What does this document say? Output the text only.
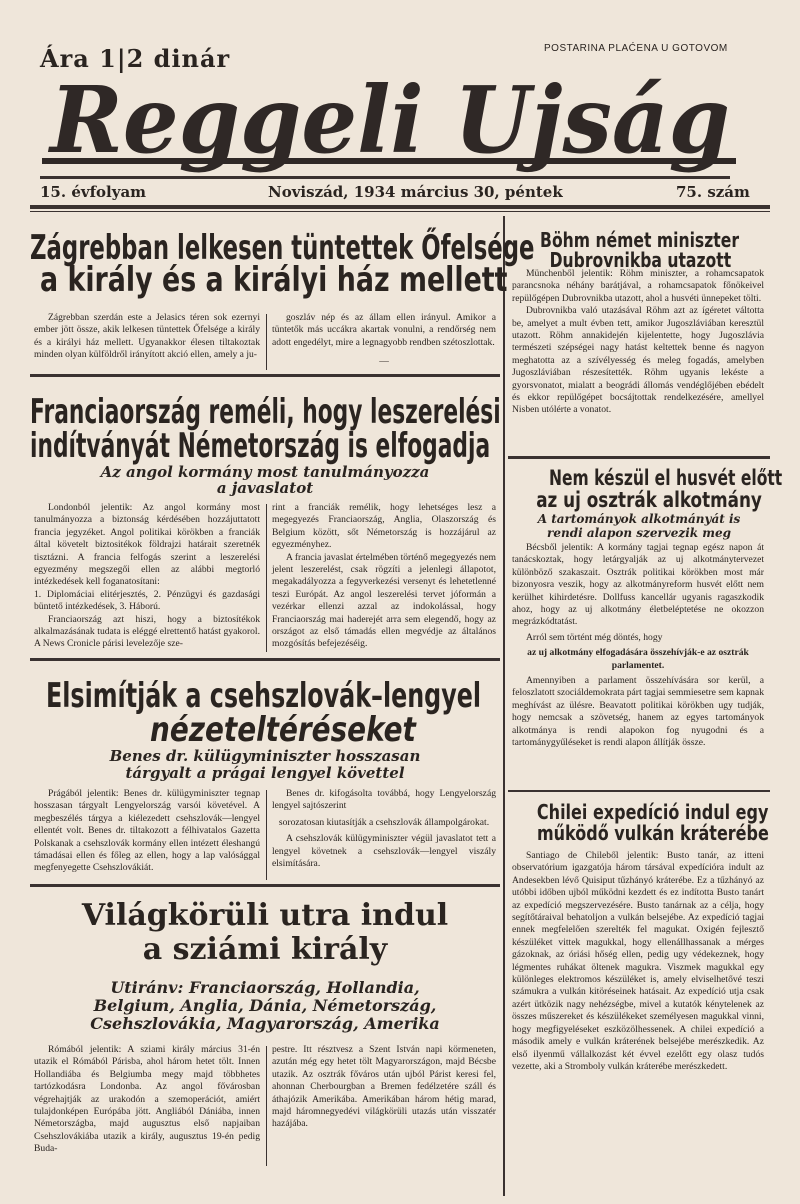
Ára 1|2 dinár	POSTARINA PLAĆENA U GOTOVOM
Reggeli Ujság
15. évfolyam	Noviszád, 1934 március 30, péntek	75. szám
Zágrebban lelkesen tüntettek Őfelsége
a király és a királyi ház mellett

Zágrebban szerdán este a Jelasics téren sok ezernyi ember jött össze, akik lelkesen tüntettek Őfelsége a király és a királyi ház mellett. Ugyanakkor élesen tiltakoztak minden olyan külföldről irányított akció ellen, amely a ju-

goszláv nép és az állam ellen irányul. Amikor a tüntetők más uccákra akartak vonulni, a rendőrség nem adott engedélyt, mire a legnagyobb rendben szétoszlottak.

—
Franciaország reméli, hogy leszerelési
indítványát Németország is elfogadja
Az angol kormány most tanulmányozza
a javaslatot

Londonból jelentik: Az angol kormány most tanulmányozza a biztonság kérdésében hozzájuttatott francia jegyzéket. Angol politikai körökben a franciák által követelt biztositékok földrajzi határait szeretnék tisztázni. A francia felfogás szerint a leszerelési egyezmény megszegői ellen az alábbi megtorló intézkedések kell foganatosítani:

1. Diplomáciai elitérjesztés, 2. Pénzügyi és gazdasági büntető intézkedések, 3. Háború.

Franciaország azt hiszi, hogy a biztosítékok alkalmazásának tudata is eléggé elrettentő hatást gyakorol. A News Cronicle párisi levelezője sze-

rint a franciák remélik, hogy lehetséges lesz a megegyezés Franciaország, Anglia, Olaszország és Belgium között, sőt Németország is hozzájárul az egyezményhez.

A francia javaslat értelmében történő megegyezés nem jelent leszerelést, csak rögzíti a jelenlegi állapotot, megakadályozza a fegyverkezési versenyt és lehetetlenné teszi Európát. Az angol leszerelési tervet jóformán a vezérkar ellenzi azzal az indokolással, hogy Franciaország mai haderejét arra sem elegendő, hogy az országot az első támadás ellen megvédje az általános mozgósítás befejezéséig.

Elsimítják a csehszlovák–lengyel
nézeteltéréseket
Benes dr. külügyminiszter hosszasan
tárgyalt a prágai lengyel követtel

Prágából jelentik: Benes dr. külügyminiszter tegnap hosszasan tárgyalt Lengyelország varsói követével. A megbeszélés tárgya a kiélezedett csehszlovák—lengyel ellentét volt. Benes dr. tiltakozott a félhivatalos Gazetta Polskanak a csehszlovák kormány ellen intézett éleshangú támadásai ellen és főleg az ellen, hogy a lap valósággal megfenyegette Csehszlovákiát.

Benes dr. kifogásolta továbbá, hogy Lengyelország lengyel sajtószerint

sorozatosan kiutasítják a csehszlovák állampolgárokat.

A csehszlovák külügyminiszter végül javaslatot tett a lengyel követnek a csehszlovák—lengyel viszály elsimítására.

Világkörüli utra indul
a sziámi király
Utiránv: Franciaország, Hollandia,
Belgium, Anglia, Dánia, Németország,
Csehszlovákia, Magyarország, Amerika

Rómából jelentik: A sziami király március 31-én utazik el Rómából Párisba, ahol három hetet tölt. Innen Hollandiába és Belgiumba megy majd többhetes tartózkodásra Londonba. Az angol fővárosban végrehajtják az urakodón a szemoperációt, amiért tulajdonképen Európába jött. Angliából Dániába, innen Németországba, majd augusztus első napjaiban Csehszlovákiába utazik a király, augusztus 19-én pedig Buda-

pestre. Itt résztvesz a Szent István napi körmeneten, azután még egy hetet tölt Magyarországon, majd Bécsbe utazik. Az osztrák főváros után ujból Párist keresi fel, ahonnan Cherbourgban a Bremen fedélzetére száll és áthajózik Amerikába. Amerikában három hétig marad, majd háromnegyedévi világkörüli utazás után visszatér hazájába.

Böhm német miniszter
Dubrovnikba utazott

Münchenből jelentik: Röhm miniszter, a rohamcsapatok parancsnoka néhány barátjával, a rohamcsapatok főnökeivel repülőgépen Dubrovnikba utazott, ahol a husvéti ünnepeket tölti.

Dubrovnikba való utazásával Röhm azt az ígéretet váltotta be, amelyet a mult évben tett, amikor Jugoszláviában keresztül utazott. Röhm annakidején kijelentette, hogy Jugoszlávia természeti szépségei nagy hatást keltettek benne és nagyon meghatotta az a szívélyesség és meleg fogadás, amelyben Jugoszláviában részesítették. Röhm ugyanis lekéste a gyorsvonatot, mialatt a beográdi állomás vendéglőjében ebédelt és ekkor repülőgépet bocsájtottak rendelkezésére, amellyel Nisben utólérte a vonatot.

Nem készül el husvét előtt
az uj osztrák alkotmány
A tartományok alkotmányát is
rendi alapon szervezik meg

Bécsből jelentik: A kormány tagjai tegnap egész napon át tanácskoztak, hogy letárgyalják az uj alkotmánytervezet különböző szakaszait. Osztrák politikai körökben most már bizonyosra veszik, hogy az alkotmányreform husvét előtt nem kerülhet kihirdetésre. Dollfuss kancellár ugyanis ragaszkodik ahoz, hogy az uj alkotmány életbeléptetése ne okozzon megrázkódtatást.

Arról sem történt még döntés, hogy

az uj alkotmány elfogadására összehívják-e az osztrák parlamentet.

Amennyiben a parlament összehívására sor kerül, a feloszlatott szociáldemokrata párt tagjai semmiesetre sem kapnak meghívást az ülésre. Beavatott politikai körökben ugy tudják, hogy nemcsak a szövetség, hanem az egyes tartományok alkotmánya is rendi alapokon fog nyugodni és a tartománygyűléseket is rendi alapon állítják össze.

Chilei expedíció indul egy
működő vulkán kráterébe

Santiago de Chileből jelentik: Busto tanár, az itteni observatórium igazgatója három társával expedícióra indult az Andesekben lévő Quisiput tűzhányó kráterébe. Ez a tűzhányó az utóbbi időben ujból működni kezdett és ez indította Busto tanárt az expedíció megszervezésére. Busto tanárnak az a célja, hogy segítőtáraival behatoljon a vulkán belsejébe. Az expedíció tagjai ennek megfelelően szerelték fel magukat. Oxigén fejlesztő készüléket vittek magukkal, hogy ellenállhassanak a mérges gázoknak, az óriási hőség ellen, pedig ugy védekeznek, hogy légmentes ruhákat öltenek magukra. Viszmek magukkal egy különleges elektromos készüléket is, amely elviselhetővé teszi számukra a vulkán kitöréseinek hatásait. Az expedíció utja csak azért ütközik nagy nehézségbe, mivel a kutatók kénytelenek az összes műszereket és készülékeket személyesen magukkal vinni, hogy megfigyeléseket eszközölhessenek. A chilei expedíció a második amely e vulkán kráterének belsejébe merészkedik. Az első ilyenmű vállalkozást két évvel ezelőtt egy olasz tudós vezette, aki a Stromboly vulkán kráterébe merészkedett.
